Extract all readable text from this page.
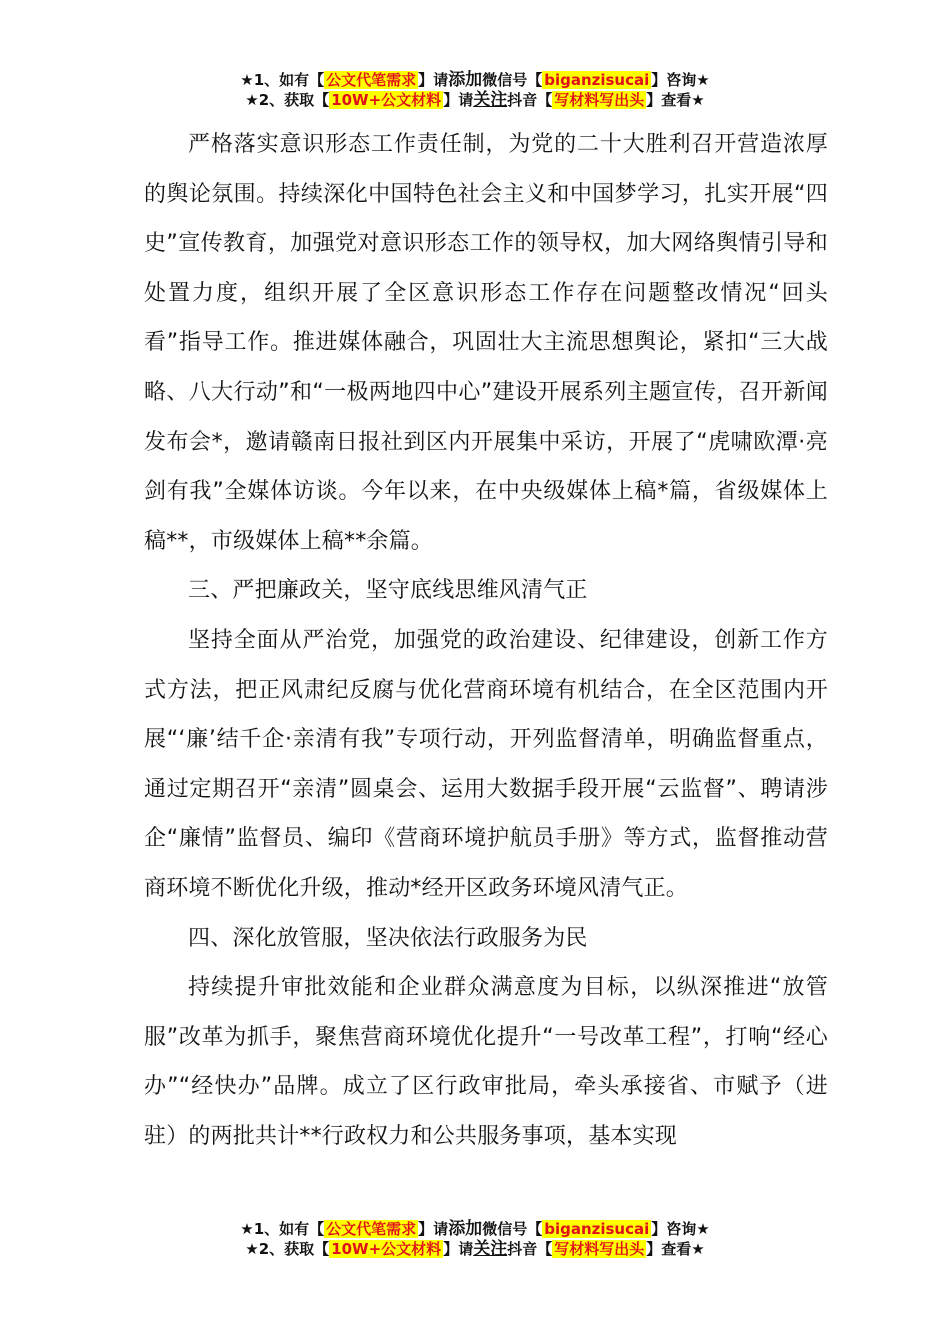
★1、如有【 公文代笔需求 】请添加微信号【 biganzisucai 】咨询★
★2、获取【 10W+公文材料 】请关注抖音【 写材料写出头 】查看★

严格落实意识形态工作责任制，为党的二十大胜利召开营造浓厚的舆论氛围。持续深化中国特色社会主义和中国梦学习，扎实开展“四史”宣传教育，加强党对意识形态工作的领导权，加大网络舆情引导和处置力度，组织开展了全区意识形态工作存在问题整改情况“回头看”指导工作。推进媒体融合，巩固壮大主流思想舆论，紧扣“三大战略、八大行动”和“一极两地四中心”建设开展系列主题宣传，召开新闻发布会*，邀请赣南日报社到区内开展集中采访，开展了“虎啸欧潭·亮剑有我”全媒体访谈。今年以来，在中央级媒体上稿*篇，省级媒体上稿**，市级媒体上稿**余篇。

三、严把廉政关，坚守底线思维风清气正

坚持全面从严治党，加强党的政治建设、纪律建设，创新工作方式方法，把正风肃纪反腐与优化营商环境有机结合，在全区范围内开展“‘廉’结千企·亲清有我”专项行动，开列监督清单，明确监督重点，通过定期召开“亲清”圆桌会、运用大数据手段开展“云监督”、聘请涉企“廉情”监督员、编印《营商环境护航员手册》等方式，监督推动营商环境不断优化升级，推动*经开区政务环境风清气正。

四、深化放管服，坚决依法行政服务为民

持续提升审批效能和企业群众满意度为目标，以纵深推进“放管服”改革为抓手，聚焦营商环境优化提升“一号改革工程”，打响“经心办”“经快办”品牌。成立了区行政审批局，牵头承接省、市赋予（进驻）的两批共计**行政权力和公共服务事项，基本实现

★1、如有【 公文代笔需求 】请添加微信号【 biganzisucai 】咨询★
★2、获取【 10W+公文材料 】请关注抖音【 写材料写出头 】查看★
